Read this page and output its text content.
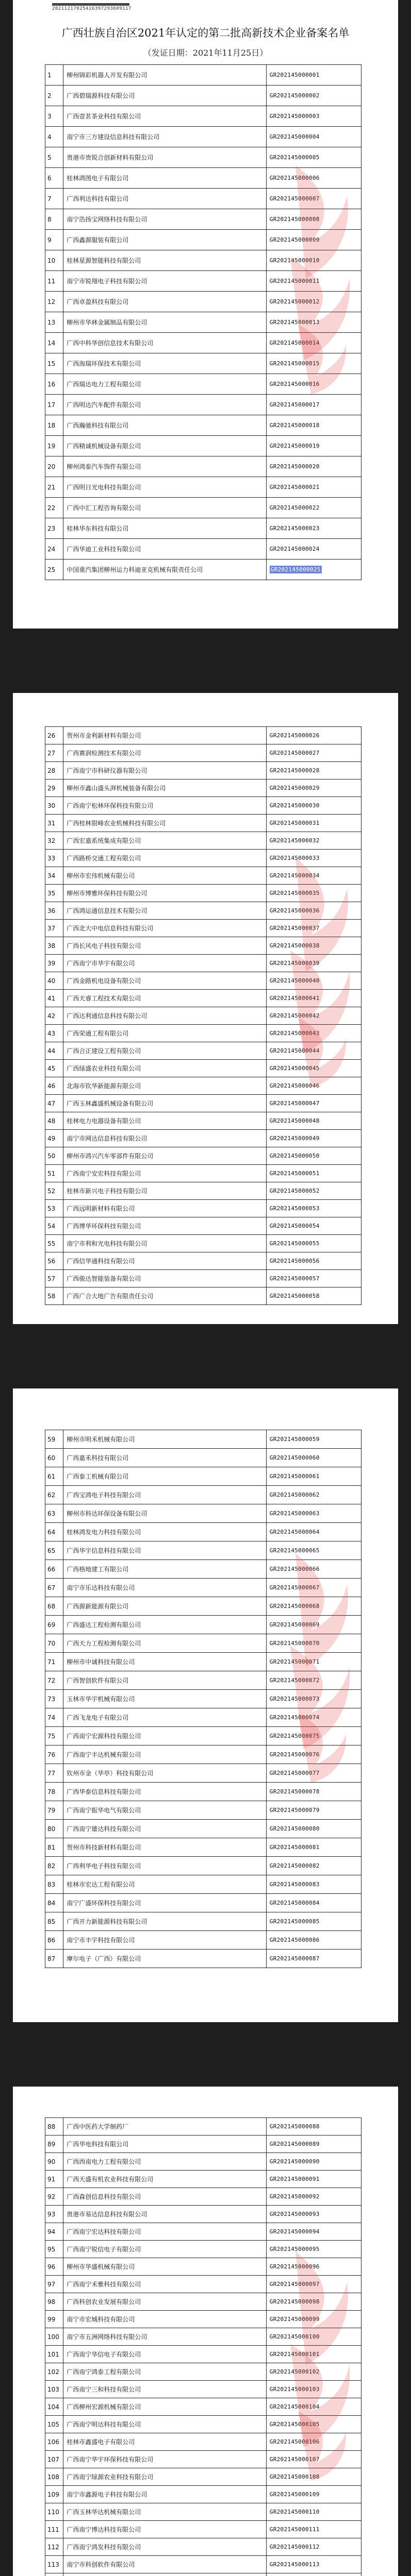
20211217025416397293609117
广西壮族自治区2021年认定的第二批高新技术企业备案名单
（发证日期：2021年11月25日）
1	柳州锦彩机器人开发有限公司	GR202145000001
2	广西碧瑞源科技有限公司	GR202145000002
3	广西壹茗茶业科技有限公司	GR202145000003
4	南宁市三方建设信息科技有限公司	GR202145000004
5	贵港市贵锐合创新材料有限公司	GR202145000005
6	桂林鸿图电子有限公司	GR202145000006
7	广西利达科技有限公司	GR202145000007
8	南宁浩扬宝网络科技有限公司	GR202145000008
9	广西鑫源服装有限公司	GR202145000009
10	桂林星源智能科技有限公司	GR202145000010
11	南宁市锐翔电子科技有限公司	GR202145000011
12	广西卓盈科技有限公司	GR202145000012
13	柳州市华林金属制品有限公司	GR202145000013
14	广西中科华创信息技术有限公司	GR202145000014
15	广西海瑞环保技术有限公司	GR202145000015
16	广西瑞达电力工程有限公司	GR202145000016
17	广西明达汽车配件有限公司	GR202145000017
18	广西瀚驰科技有限公司	GR202145000018
19	广西精诚机械设备有限公司	GR202145000019
20	柳州鸿泰汽车饰件有限公司	GR202145000020
21	广西明日光电科技有限公司	GR202145000021
22	广西中汇工程咨询有限公司	GR202145000022
23	桂林华东科技有限公司	GR202145000023
24	广西华迪工业科技有限公司	GR202145000024
25	中国重汽集团柳州运力科迪亚克机械有限责任公司	GR202145000025
26	贺州市金利新材料有限公司	GR202145000026
27	广西赛润检测技术有限公司	GR202145000027
28	广西南宁市科研仪器有限公司	GR202145000028
29	柳州市鑫山盛头湃机械装备有限公司	GR202145000029
30	广西南宁松林环保科技有限公司	GR202145000030
31	广西桂林银峰农业机械科技有限公司	GR202145000031
32	广西宏嘉系统集成有限公司	GR202145000032
33	广西路桥交通工程有限公司	GR202145000033
34	柳州市宏伟机械有限公司	GR202145000034
35	柳州市博雅环保科技有限公司	GR202145000035
36	广西鸿运通信息技术有限公司	GR202145000036
37	广西北大中电信息科技有限公司	GR202145000037
38	广西长风电子科技有限公司	GR202145000038
39	广西南宁市华宇有限公司	GR202145000039
40	广西金路机电设备有限公司	GR202145000040
41	广西天睿工程技术有限公司	GR202145000041
42	广西达利通信息科技有限公司	GR202145000042
43	广西荣通工程有限公司	GR202145000043
44	广西合正建设工程有限公司	GR202145000044
45	广西绿盛农业科技有限公司	GR202145000045
46	北海市钦华新能源有限公司	GR202145000046
47	广西玉林鑫盛机械设备有限公司	GR202145000047
48	桂林电力电器设备有限公司	GR202145000048
49	南宁市网达信息科技有限公司	GR202145000049
50	柳州市鸿兴汽车零部件有限公司	GR202145000050
51	广西南宁安宏科技有限公司	GR202145000051
52	桂林市新兴电子科技有限公司	GR202145000052
53	广西远明新材料有限公司	GR202145000053
54	广西博华环保科技有限公司	GR202145000054
55	南宁市利和光电科技有限公司	GR202145000055
56	广西信华通科技有限公司	GR202145000056
57	广西骏达智能装备有限公司	GR202145000057
58	广西广合大地广告有限责任公司	GR202145000058
59	柳州市明禾机械有限公司	GR202145000059
60	广西嘉禾科技有限公司	GR202145000060
61	广西泰工机械有限公司	GR202145000061
62	广西宝鸿电子科技有限公司	GR202145000062
63	柳州市科达环保设备有限公司	GR202145000063
64	桂林鸿发电力科技有限公司	GR202145000064
65	广西华宇信息科技有限公司	GR202145000065
66	广西格地建工有限公司	GR202145000066
67	南宁市乐达科技有限公司	GR202145000067
68	广西源新能源有限公司	GR202145000068
69	广西盛达工程检测有限公司	GR202145000069
70	广西天力工程检测有限公司	GR202145000070
71	柳州市中诚科技有限公司	GR202145000071
72	广西智创软件有限公司	GR202145000072
73	玉林市华宇机械有限公司	GR202145000073
74	广西飞龙电子有限公司	GR202145000074
75	广西南宁宏源科技有限公司	GR202145000075
76	广西南宁丰达机械有限公司	GR202145000076
77	钦州市金（华亭）科技有限公司	GR202145000077
78	广西华泰信息科技有限公司	GR202145000078
79	广西南宁振华电气有限公司	GR202145000079
80	广西南宁雄达科技有限公司	GR202145000080
81	贺州市科技新材料有限公司	GR202145000081
82	广西利华电子科技有限公司	GR202145000082
83	桂林市宏达工程有限公司	GR202145000083
84	南宁广盛环保科技有限公司	GR202145000084
85	广西开力新能源科技有限公司	GR202145000085
86	南宁市丰宇科技有限公司	GR202145000086
87	摩尔电子（广西）有限公司	GR202145000087
88	广西中医药大学制药厂	GR202145000088
89	广西华电科技有限公司	GR202145000089
90	广西西南电力工程有限公司	GR202145000090
91	广西天盛有机农业科技有限公司	GR202145000091
92	广西森创信息科技有限公司	GR202145000092
93	贵港市易达信息科技有限公司	GR202145000093
94	广西南宁宏达科技有限公司	GR202145000094
95	广西南宁锐信电子有限公司	GR202145000095
96	柳州市华盛机械有限公司	GR202145000096
97	广西南宁禾雅科技有限公司	GR202145000097
98	广西科创农业发展有限公司	GR202145000098
99	南宁市宏城科技有限公司	GR202145000099
100	南宁市五洲网络科技有限公司	GR202145000100
101	广西南宁华信电子有限公司	GR202145000101
102	广西南宁鸿泰工程有限公司	GR202145000102
103	广西南宁三和科技有限公司	GR202145000103
104	广西柳州宏源机械有限公司	GR202145000104
105	广西南宁明达科技有限公司	GR202145000105
106	桂林市鑫盛电子有限公司	GR202145000106
107	广西南宁华宇环保科技有限公司	GR202145000107
108	广西南宁绿源农业科技有限公司	GR202145000108
109	南宁市鑫源电子科技有限公司	GR202145000109
110	广西玉林华达机械有限公司	GR202145000110
111	广西南宁博达科技有限公司	GR202145000111
112	广西南宁鸿发科技有限公司	GR202145000112
113	南宁市科创软件有限公司	GR202145000113
